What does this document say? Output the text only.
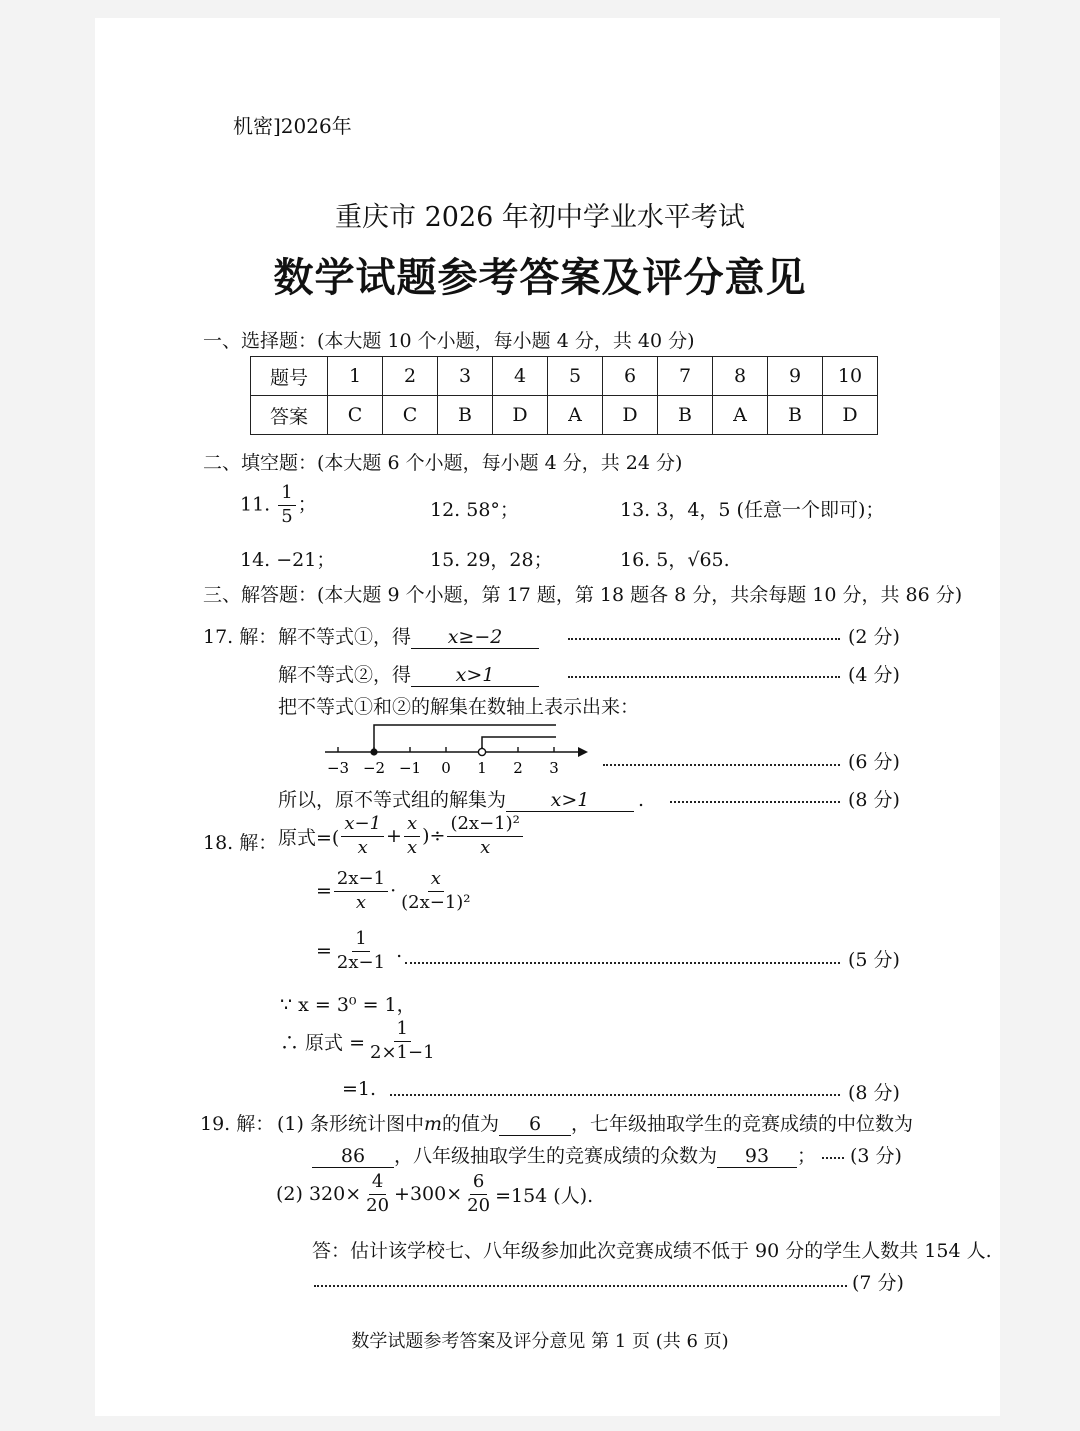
机密]2026年
重庆市 2026 年初中学业水平考试
数学试题参考答案及评分意见
一、选择题：(本大题 10 个小题，每小题 4 分，共 40 分)
题号	1	2	3	4	5	6	7	8	9	10
答案	C	C	B	D	A	D	B	A	B	D
二、填空题：(本大题 6 个小题，每小题 4 分，共 24 分)
11. $\frac{1}{5}$ ；	12. 58°；	13. 3，4，5 (任意一个即可)；
14. −21；	15. 29，28；	16. 5，√65.
三、解答题：(本大题 9 个小题，第 17 题，第 18 题各 8 分，共余每题 10 分，共 86 分)
17. 解： 解不等式①，得 x≥−2	(2 分)
解不等式②，得 x>1	(4 分)
把不等式①和②的解集在数轴上表示出来：
−3 −2 −1 0 1 2 3	(6 分)
所以，原不等式组的解集为 x>1	.	(8 分)
18. 解： 原式=( $\frac{x-1}{x} + \frac{x}{x}$ )÷ $\frac{\text{(2x−1)²}}{x}$
= $\frac{2x-1}{x} \cdot \frac{x}{\text{(2x−1)²}}$
= $\frac{1}{2x-1}$ .	(5 分)
∵ x = 3⁰ = 1，
∴ 原式 = $\frac{1}{2\times 1-1}$
=1.	(8 分)
19. 解： (1) 条形统计图中m的值为 6 ，七年级抽取学生的竞赛成绩的中位数为
86 ，八年级抽取学生的竞赛成绩的众数为 93 ； (3 分)
(2) $320\times \frac{4}{20} +300\times \frac{6}{20} =154$ (人).
答：估计该学校七、八年级参加此次竞赛成绩不低于 90 分的学生人数共 154 人.
(7 分)
数学试题参考答案及评分意见 第 1 页 (共 6 页)
